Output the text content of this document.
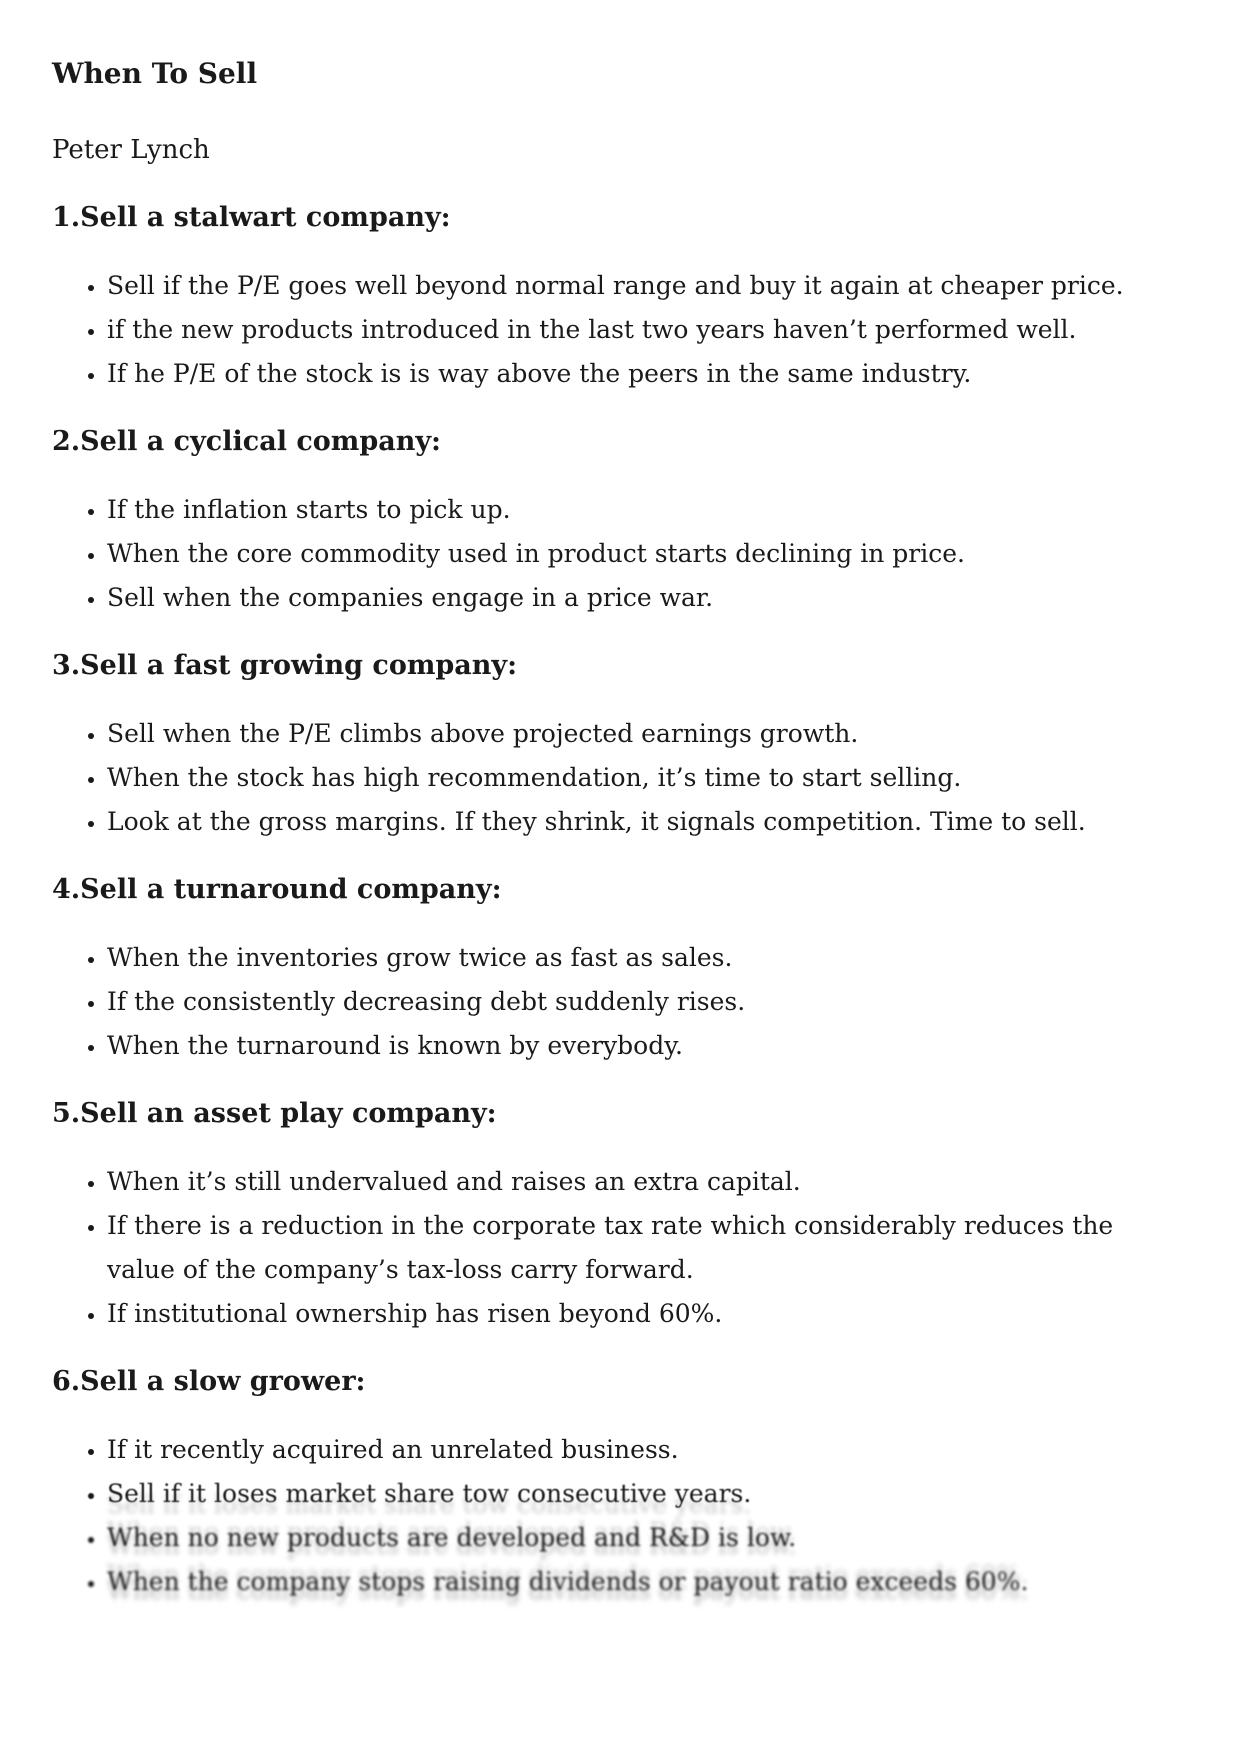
When To Sell

Peter Lynch

1.Sell a stalwart company:
• Sell if the P/E goes well beyond normal range and buy it again at cheaper price.
• if the new products introduced in the last two years haven’t performed well.
• If he P/E of the stock is is way above the peers in the same industry.
2.Sell a cyclical company:
• If the inflation starts to pick up.
• When the core commodity used in product starts declining in price.
• Sell when the companies engage in a price war.
3.Sell a fast growing company:
• Sell when the P/E climbs above projected earnings growth.
• When the stock has high recommendation, it’s time to start selling.
• Look at the gross margins. If they shrink, it signals competition. Time to sell.
4.Sell a turnaround company:
• When the inventories grow twice as fast as sales.
• If the consistently decreasing debt suddenly rises.
• When the turnaround is known by everybody.
5.Sell an asset play company:
• When it’s still undervalued and raises an extra capital.
• If there is a reduction in the corporate tax rate which considerably reduces the value of the company’s tax-loss carry forward.
• If institutional ownership has risen beyond 60%.
6.Sell a slow grower:
• If it recently acquired an unrelated business.
• Sell if it loses market share tow consecutive years.
• When no new products are developed and R&D is low.
• When the company stops raising dividends or payout ratio exceeds 60%.
